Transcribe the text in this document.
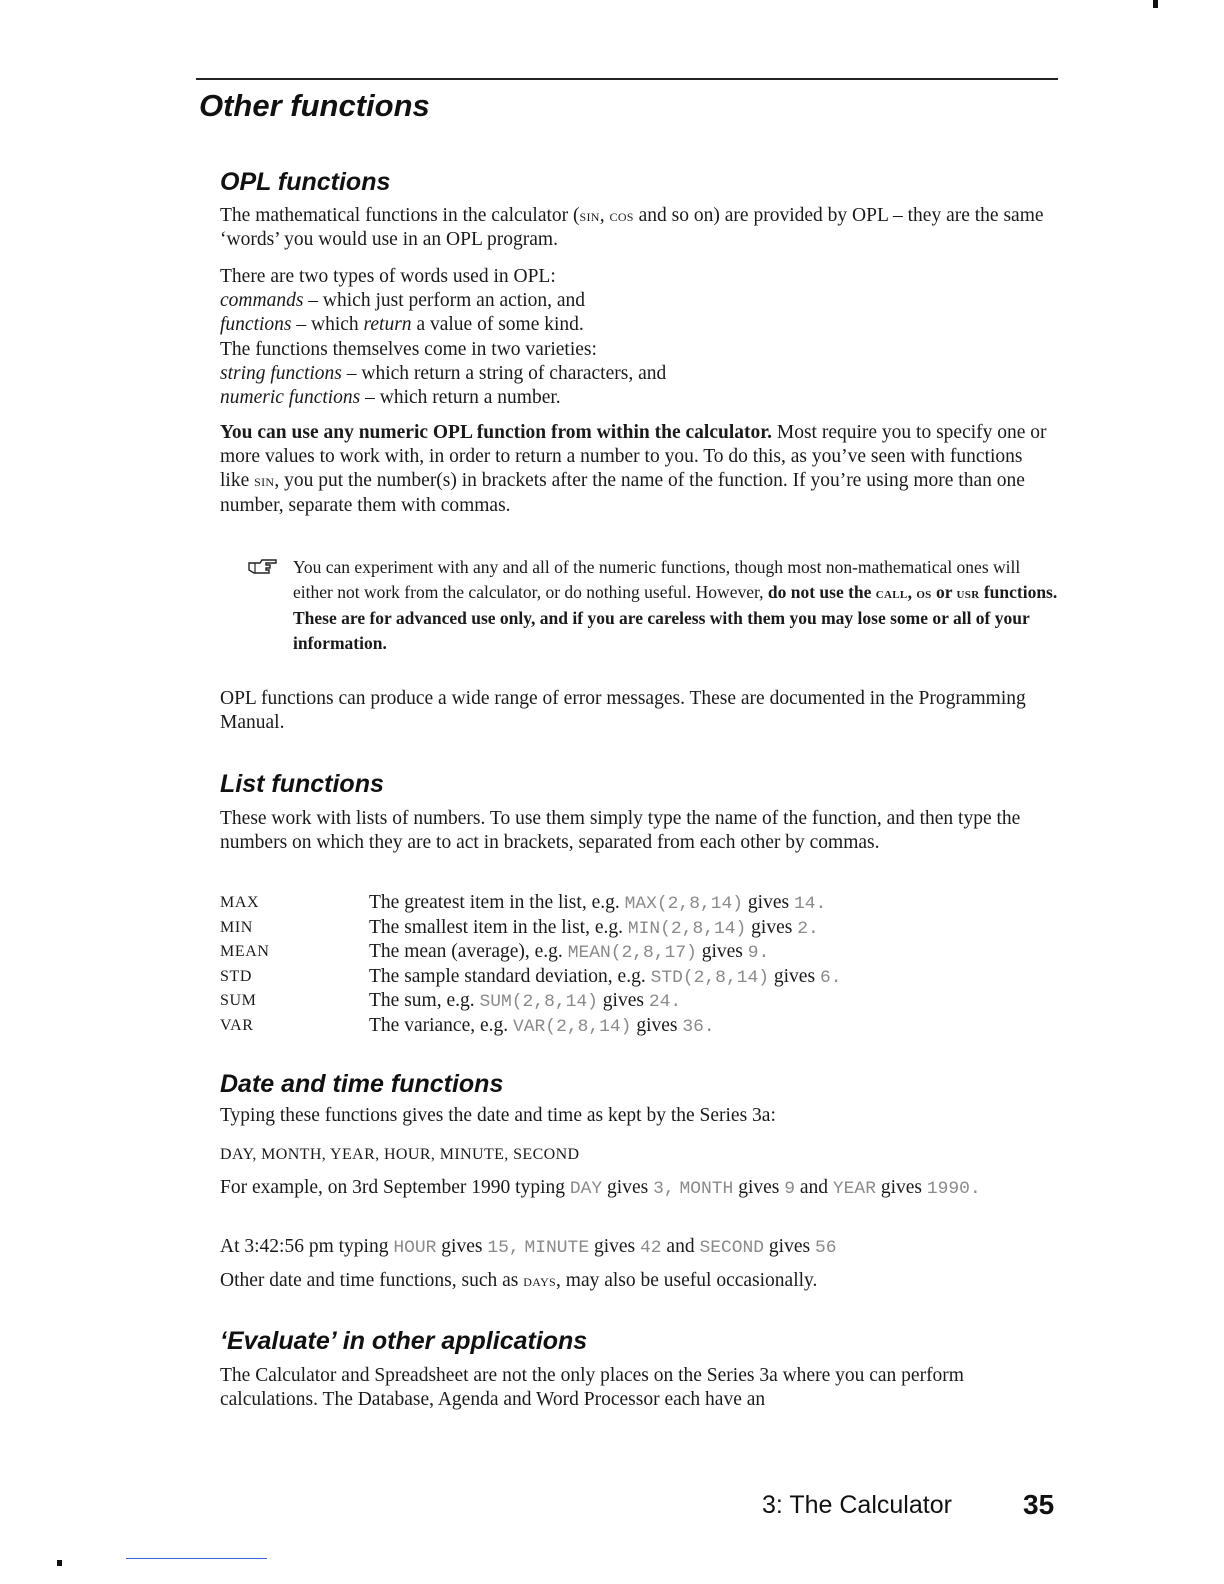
Other functions
OPL functions

The mathematical functions in the calculator (sin, cos and so on) are provided by OPL – they are the same ‘words’ you would use in an OPL program.

There are two types of words used in OPL:
commands – which just perform an action, and
functions – which return a value of some kind.
The functions themselves come in two varieties:
string functions – which return a string of characters, and
numeric functions – which return a number.

You can use any numeric OPL function from within the calculator. Most require you to specify one or more values to work with, in order to return a number to you. To do this, as you’ve seen with functions like sin, you put the number(s) in brackets after the name of the function. If you’re using more than one number, separate them with commas.

You can experiment with any and all of the numeric functions, though most non-mathematical ones will either not work from the calculator, or do nothing useful. However, do not use the call, os or usr functions. These are for advanced use only, and if you are careless with them you may lose some or all of your information.

OPL functions can produce a wide range of error messages. These are documented in the Programming Manual.

List functions

These work with lists of numbers. To use them simply type the name of the function, and then type the numbers on which they are to act in brackets, separated from each other by commas.

MAX	The greatest item in the list, e.g. MAX(2,8,14) gives 14.
MIN	The smallest item in the list, e.g. MIN(2,8,14) gives 2.
MEAN	The mean (average), e.g. MEAN(2,8,17) gives 9.
STD	The sample standard deviation, e.g. STD(2,8,14) gives 6.
SUM	The sum, e.g. SUM(2,8,14) gives 24.
VAR	The variance, e.g. VAR(2,8,14) gives 36.
Date and time functions

Typing these functions gives the date and time as kept by the Series 3a:

DAY, MONTH, YEAR, HOUR, MINUTE, SECOND

For example, on 3rd September 1990 typing DAY gives 3, MONTH gives 9 and YEAR gives 1990.

At 3:42:56 pm typing HOUR gives 15, MINUTE gives 42 and SECOND gives 56

Other date and time functions, such as days, may also be useful occasionally.

‘Evaluate’ in other applications

The Calculator and Spreadsheet are not the only places on the Series 3a where you can perform calculations. The Database, Agenda and Word Processor each have an

3: The Calculator	35
